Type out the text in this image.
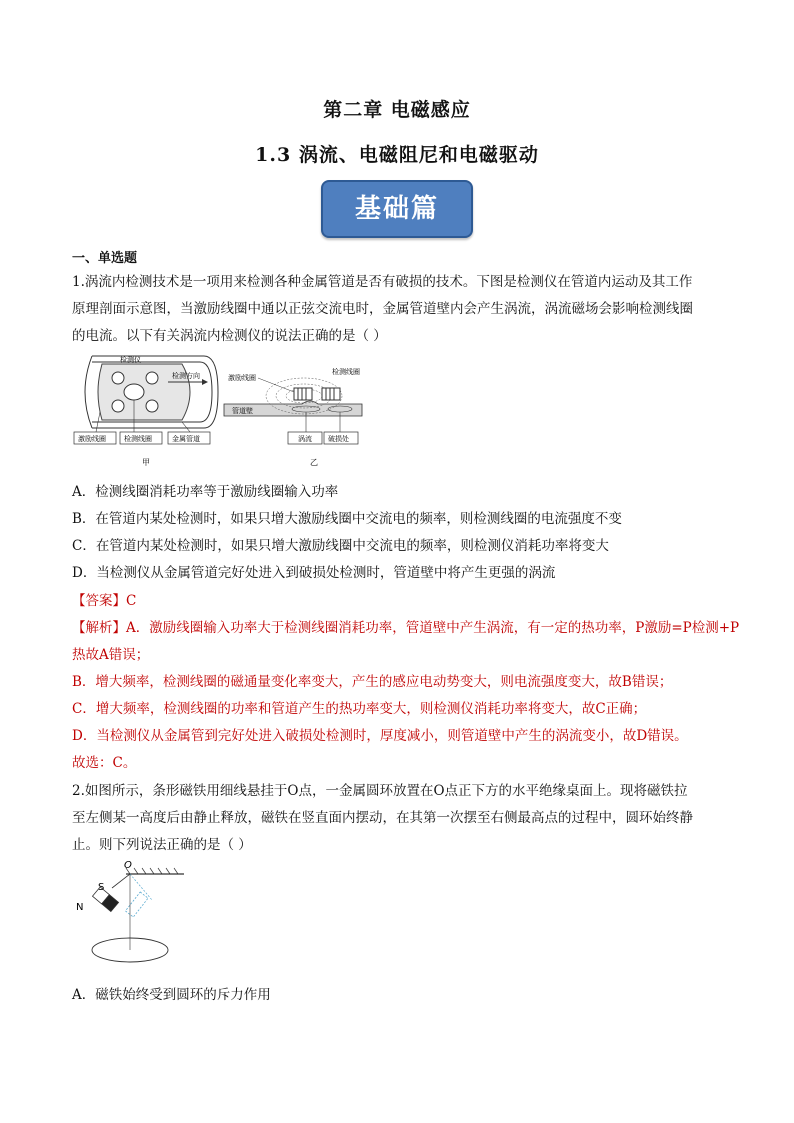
第二章 电磁感应
1.3 涡流、电磁阻尼和电磁驱动
基础篇
一、单选题
1.涡流内检测技术是一项用来检测各种金属管道是否有破损的技术。下图是检测仪在管道内运动及其工作
原理剖面示意图，当激励线圈中通以正弦交流电时，金属管道壁内会产生涡流，涡流磁场会影响检测线圈
的电流。以下有关涡流内检测仪的说法正确的是（ ）
检测仪
检测方向
激励线圈	检测线圈	金属管道
甲
激励线圈
检测线圈
管道壁
涡流 破损处
乙
A．检测线圈消耗功率等于激励线圈输入功率
B．在管道内某处检测时，如果只增大激励线圈中交流电的频率，则检测线圈的电流强度不变
C．在管道内某处检测时，如果只增大激励线圈中交流电的频率，则检测仪消耗功率将变大
D．当检测仪从金属管道完好处进入到破损处检测时，管道壁中将产生更强的涡流
【答案】C
【解析】A．激励线圈输入功率大于检测线圈消耗功率，管道壁中产生涡流，有一定的热功率，P激励=P检测+P
热故A错误；
B．增大频率，检测线圈的磁通量变化率变大，产生的感应电动势变大，则电流强度变大，故B错误；
C．增大频率，检测线圈的功率和管道产生的热功率变大，则检测仪消耗功率将变大，故C正确；
D．当检测仪从金属管到完好处进入破损处检测时，厚度减小，则管道壁中产生的涡流变小，故D错误。
故选：C。
2.如图所示，条形磁铁用细线悬挂于O点，一金属圆环放置在O点正下方的水平绝缘桌面上。现将磁铁拉
至左侧某一高度后由静止释放，磁铁在竖直面内摆动，在其第一次摆至右侧最高点的过程中，圆环始终静
止。则下列说法正确的是（ ）
O
S
N
A．磁铁始终受到圆环的斥力作用
